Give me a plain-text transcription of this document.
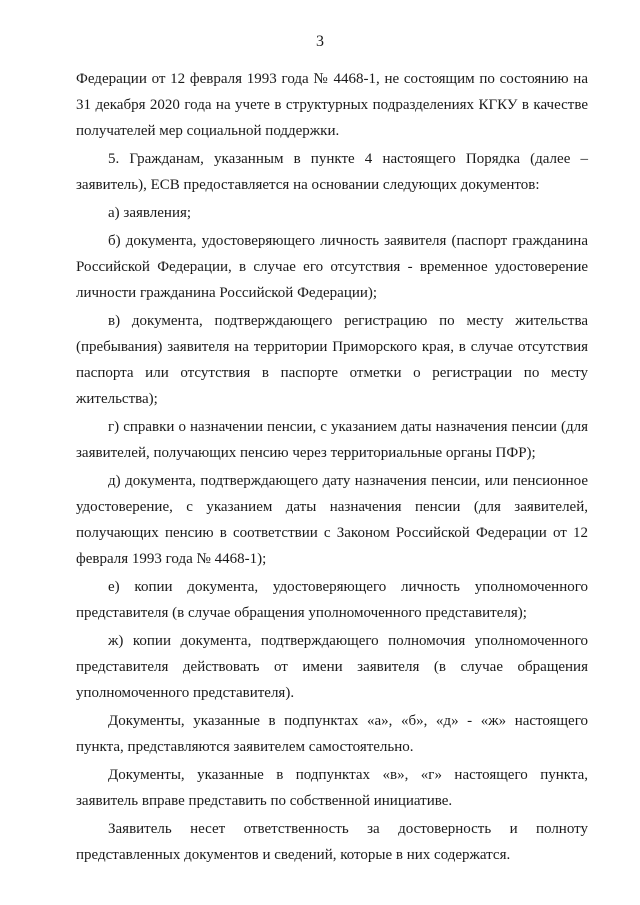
3

Федерации от 12 февраля 1993 года № 4468-1, не состоящим по состоянию на 31 декабря 2020 года на учете в структурных подразделениях КГКУ в качестве получателей мер социальной поддержки.

5. Гражданам, указанным в пункте 4 настоящего Порядка (далее – заявитель), ЕСВ предоставляется на основании следующих документов:

а) заявления;

б) документа, удостоверяющего личность заявителя (паспорт гражданина Российской Федерации, в случае его отсутствия - временное удостоверение личности гражданина Российской Федерации);

в) документа, подтверждающего регистрацию по месту жительства (пребывания) заявителя на территории Приморского края, в случае отсутствия паспорта или отсутствия в паспорте отметки о регистрации по месту жительства);

г) справки о назначении пенсии, с указанием даты назначения пенсии (для заявителей, получающих пенсию через территориальные органы ПФР);

д) документа, подтверждающего дату назначения пенсии, или пенсионное удостоверение, с указанием даты назначения пенсии (для заявителей, получающих пенсию в соответствии с Законом Российской Федерации от 12 февраля 1993 года № 4468-1);

е) копии документа, удостоверяющего личность уполномоченного представителя (в случае обращения уполномоченного представителя);

ж) копии документа, подтверждающего полномочия уполномоченного представителя действовать от имени заявителя (в случае обращения уполномоченного представителя).

Документы, указанные в подпунктах «а», «б», «д» - «ж» настоящего пункта, представляются заявителем самостоятельно.

Документы, указанные в подпунктах «в», «г» настоящего пункта, заявитель вправе представить по собственной инициативе.

Заявитель несет ответственность за достоверность и полноту представленных документов и сведений, которые в них содержатся.
